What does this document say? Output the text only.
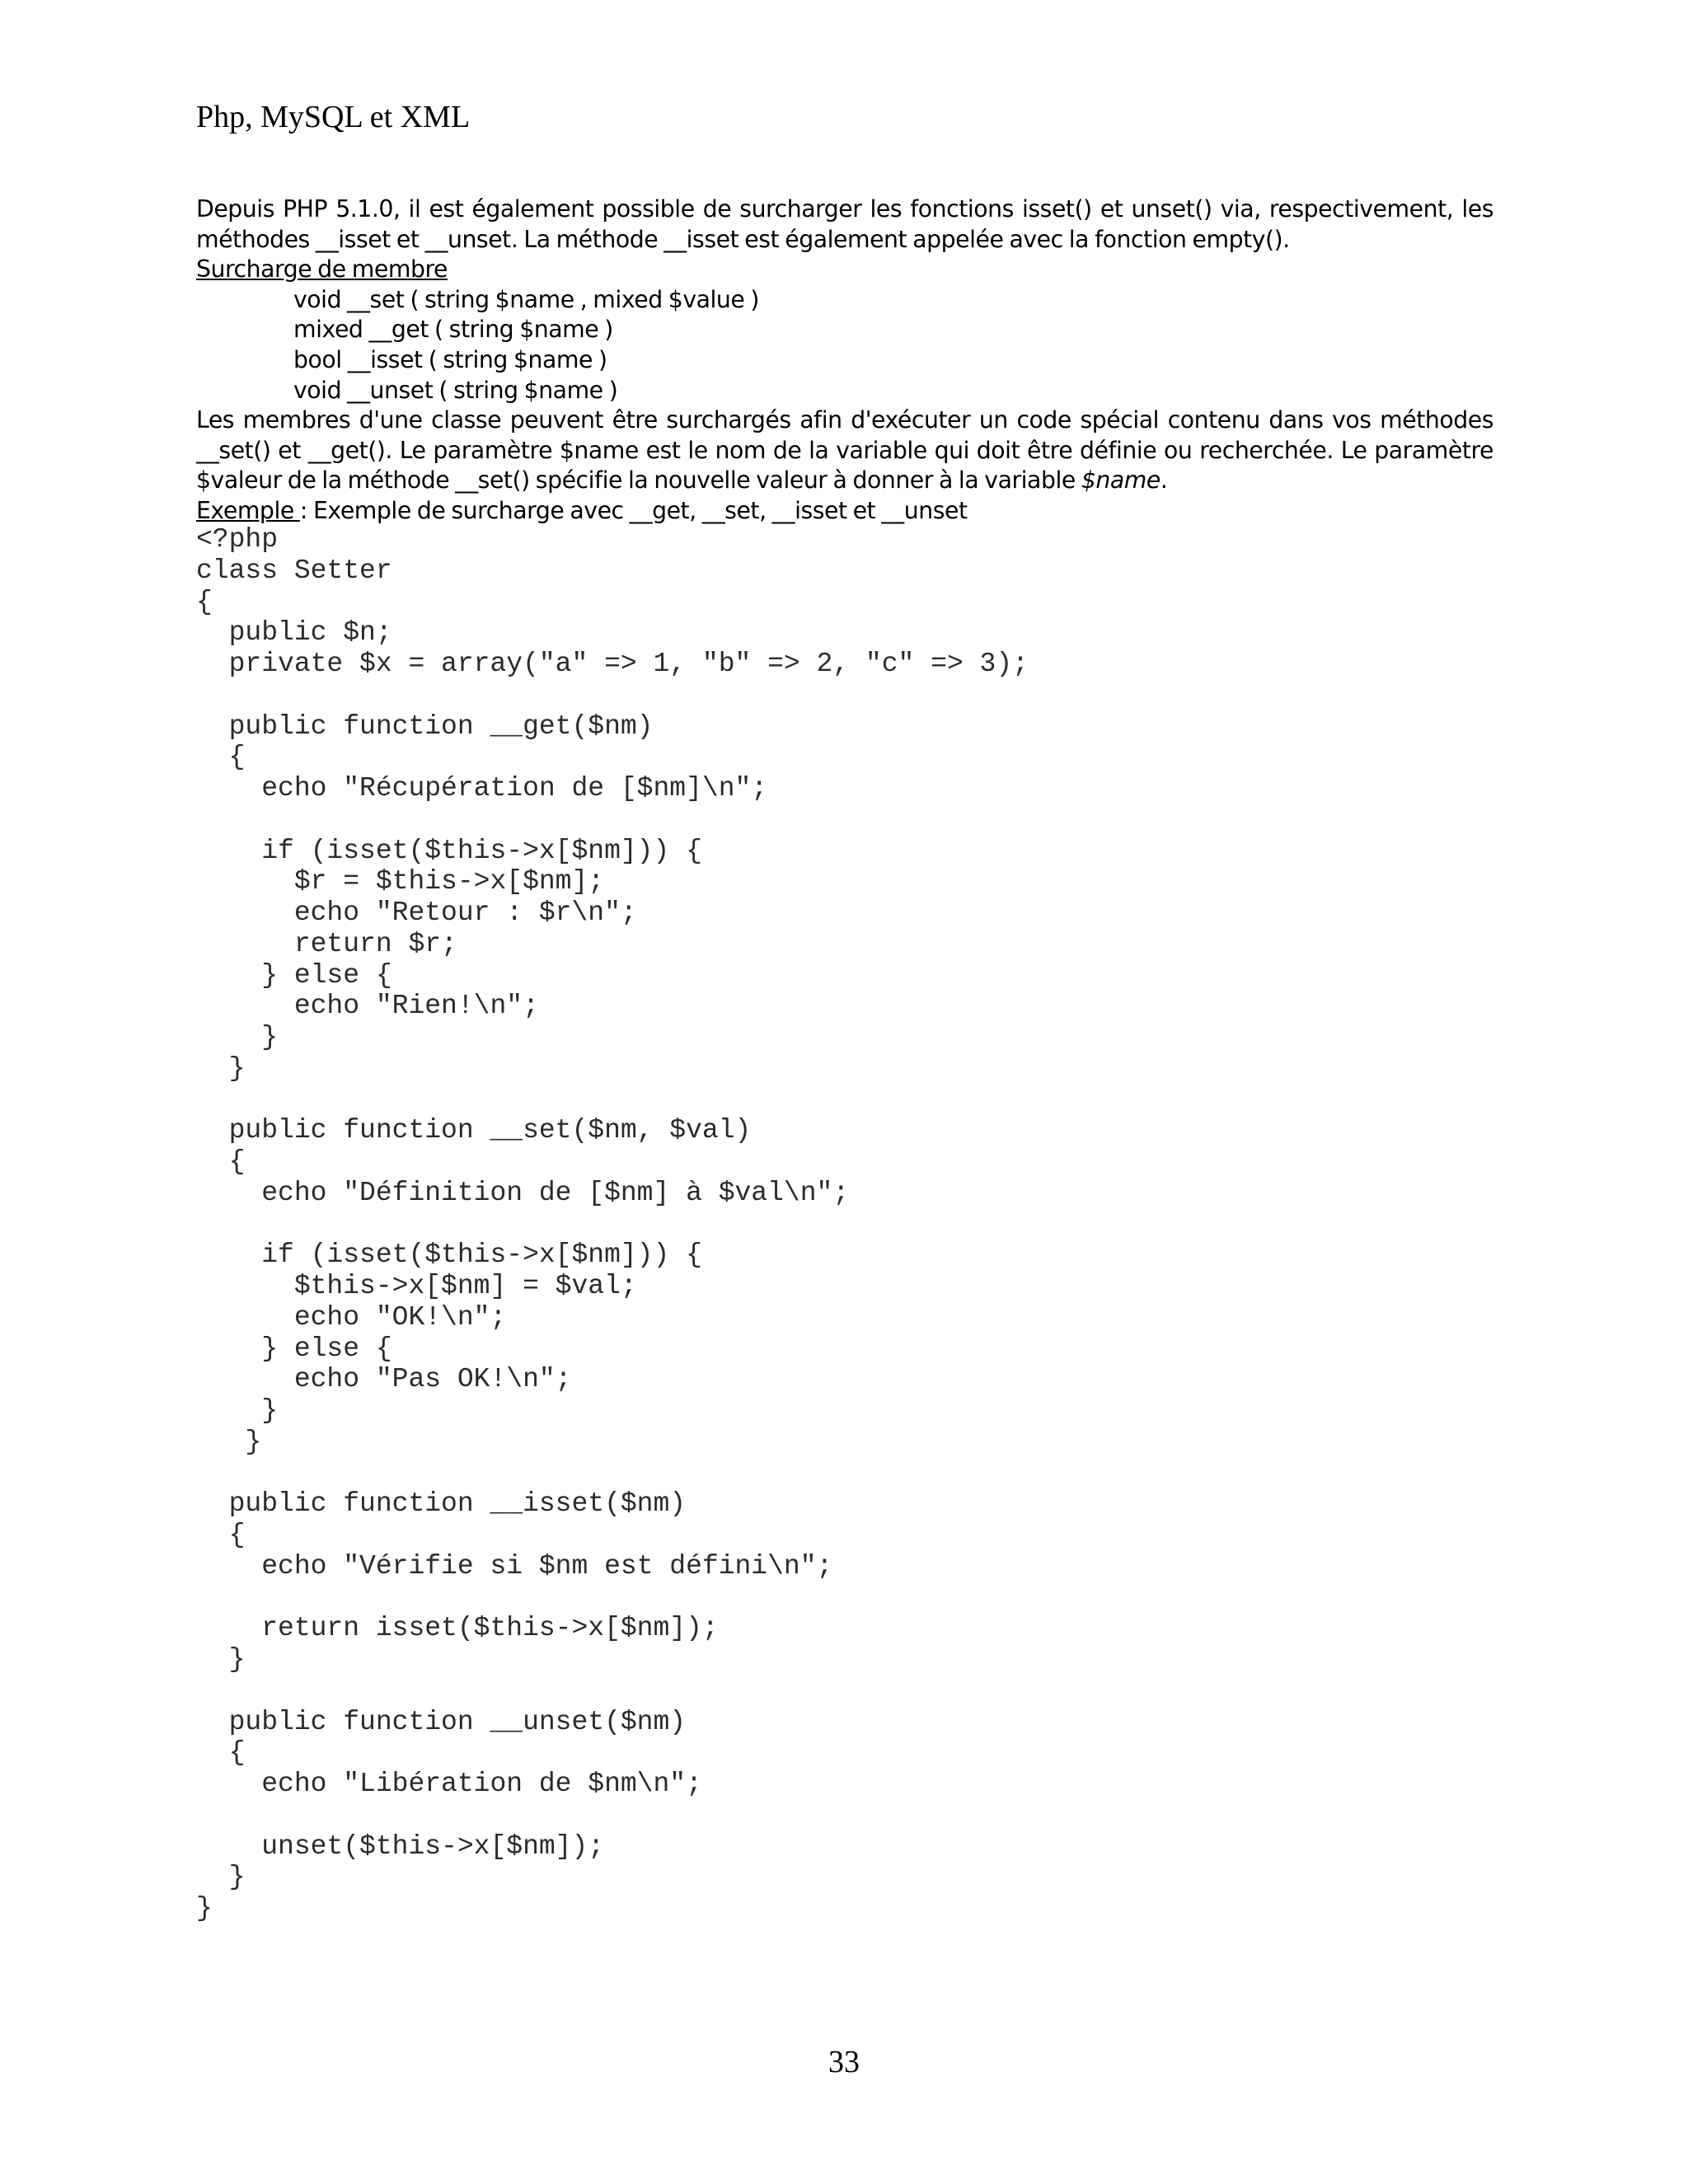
Php, MySQL et XML

Depuis PHP 5.1.0, il est également possible de surcharger les fonctions isset() et unset() via, respectivement, les méthodes __isset et __unset. La méthode __isset est également appelée avec la fonction empty().

Surcharge de membre

void __set ( string $name , mixed $value )
mixed __get ( string $name )
bool __isset ( string $name )
void __unset ( string $name )

Les membres d'une classe peuvent être surchargés afin d'exécuter un code spécial contenu dans vos méthodes __set() et __get(). Le paramètre $name est le nom de la variable qui doit être définie ou recherchée. Le paramètre $valeur de la méthode __set() spécifie la nouvelle valeur à donner à la variable $name.

Exemple : Exemple de surcharge avec __get, __set, __isset et __unset

<?php
class Setter
{
public $n;
private $x = array("a" => 1, "b" => 2, "c" => 3);

public function __get($nm)
{
echo "Récupération de [$nm]\n";

if (isset($this->x[$nm])) {
$r = $this->x[$nm];
echo "Retour : $r\n";
return $r;
} else {
echo "Rien!\n";
}
}

public function __set($nm, $val)
{
echo "Définition de [$nm] à $val\n";

if (isset($this->x[$nm])) {
$this->x[$nm] = $val;
echo "OK!\n";
} else {
echo "Pas OK!\n";
}
}

public function __isset($nm)
{
echo "Vérifie si $nm est défini\n";

return isset($this->x[$nm]);
}

public function __unset($nm)
{
echo "Libération de $nm\n";

unset($this->x[$nm]);
}
}
33
